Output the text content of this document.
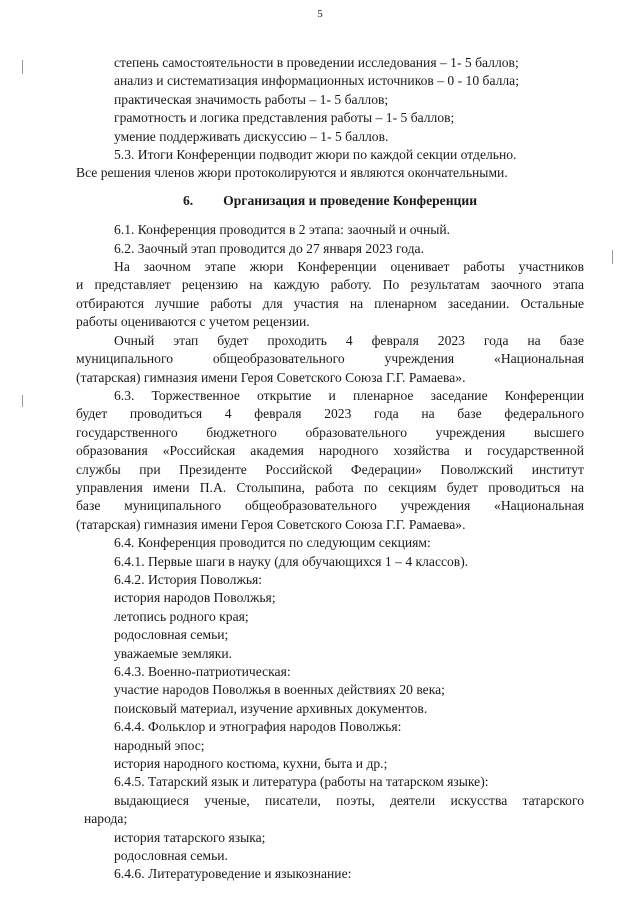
5
степень самостоятельности в проведении исследования – 1- 5 баллов;
анализ и систематизация информационных источников – 0 - 10 балла;
практическая значимость работы – 1- 5 баллов;
грамотность и логика представления работы – 1- 5 баллов;
умение поддерживать дискуссию – 1- 5 баллов.
5.3. Итоги Конференции подводит жюри по каждой секции отдельно.
Все решения членов жюри протоколируются и являются окончательными.
6. Организация и проведение Конференции
6.1. Конференция проводится в 2 этапа: заочный и очный.
6.2. Заочный этап проводится до 27 января 2023 года.
На заочном этапе жюри Конференции оценивает работы участников
и представляет рецензию на каждую работу. По результатам заочного этапа
отбираются лучшие работы для участия на пленарном заседании. Остальные
работы оцениваются с учетом рецензии.
Очный этап будет проходить 4 февраля 2023 года на базе
муниципального общеобразовательного учреждения «Национальная
(татарская) гимназия имени Героя Советского Союза Г.Г. Рамаева».
6.3. Торжественное открытие и пленарное заседание Конференции
будет проводиться 4 февраля 2023 года на базе федерального
государственного бюджетного образовательного учреждения высшего
образования «Российская академия народного хозяйства и государственной
службы при Президенте Российской Федерации» Поволжский институт
управления имени П.А. Столыпина, работа по секциям будет проводиться на
базе муниципального общеобразовательного учреждения «Национальная
(татарская) гимназия имени Героя Советского Союза Г.Г. Рамаева».
6.4. Конференция проводится по следующим секциям:
6.4.1. Первые шаги в науку (для обучающихся 1 – 4 классов).
6.4.2. История Поволжья:
история народов Поволжья;
летопись родного края;
родословная семьи;
уважаемые земляки.
6.4.3. Военно-патриотическая:
участие народов Поволжья в военных действиях 20 века;
поисковый материал, изучение архивных документов.
6.4.4. Фольклор и этнография народов Поволжья:
народный эпос;
история народного костюма, кухни, быта и др.;
6.4.5. Татарский язык и литература (работы на татарском языке):
выдающиеся ученые, писатели, поэты, деятели искусства татарского
народа;
история татарского языка;
родословная семьи.
6.4.6. Литературоведение и языкознание:
